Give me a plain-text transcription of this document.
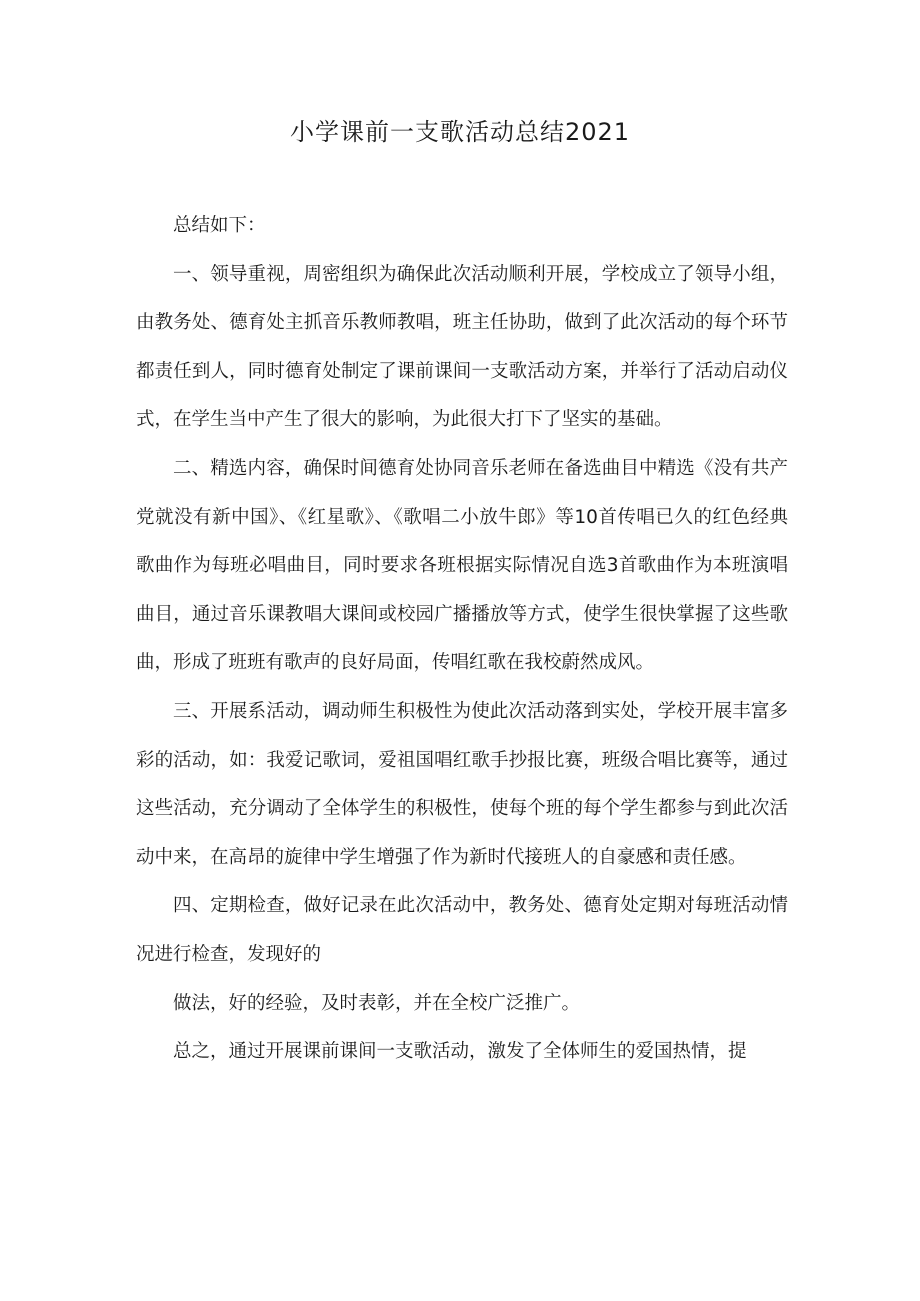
小学课前一支歌活动总结2021

总结如下：

一、领导重视，周密组织为确保此次活动顺利开展，学校成立了领导小组，由教务处、德育处主抓音乐教师教唱，班主任协助，做到了此次活动的每个环节都责任到人，同时德育处制定了课前课间一支歌活动方案，并举行了活动启动仪式，在学生当中产生了很大的影响，为此很大打下了坚实的基础。

二、精选内容，确保时间德育处协同音乐老师在备选曲目中精选《没有共产党就没有新中国》、《红星歌》、《歌唱二小放牛郎》等10首传唱已久的红色经典歌曲作为每班必唱曲目，同时要求各班根据实际情况自选3首歌曲作为本班演唱曲目，通过音乐课教唱大课间或校园广播播放等方式，使学生很快掌握了这些歌曲，形成了班班有歌声的良好局面，传唱红歌在我校蔚然成风。

三、开展系活动，调动师生积极性为使此次活动落到实处，学校开展丰富多彩的活动，如：我爱记歌词，爱祖国唱红歌手抄报比赛，班级合唱比赛等，通过这些活动，充分调动了全体学生的积极性，使每个班的每个学生都参与到此次活动中来，在高昂的旋律中学生增强了作为新时代接班人的自豪感和责任感。

四、定期检查，做好记录在此次活动中，教务处、德育处定期对每班活动情况进行检查，发现好的

做法，好的经验，及时表彰，并在全校广泛推广。

总之，通过开展课前课间一支歌活动，激发了全体师生的爱国热情，提
